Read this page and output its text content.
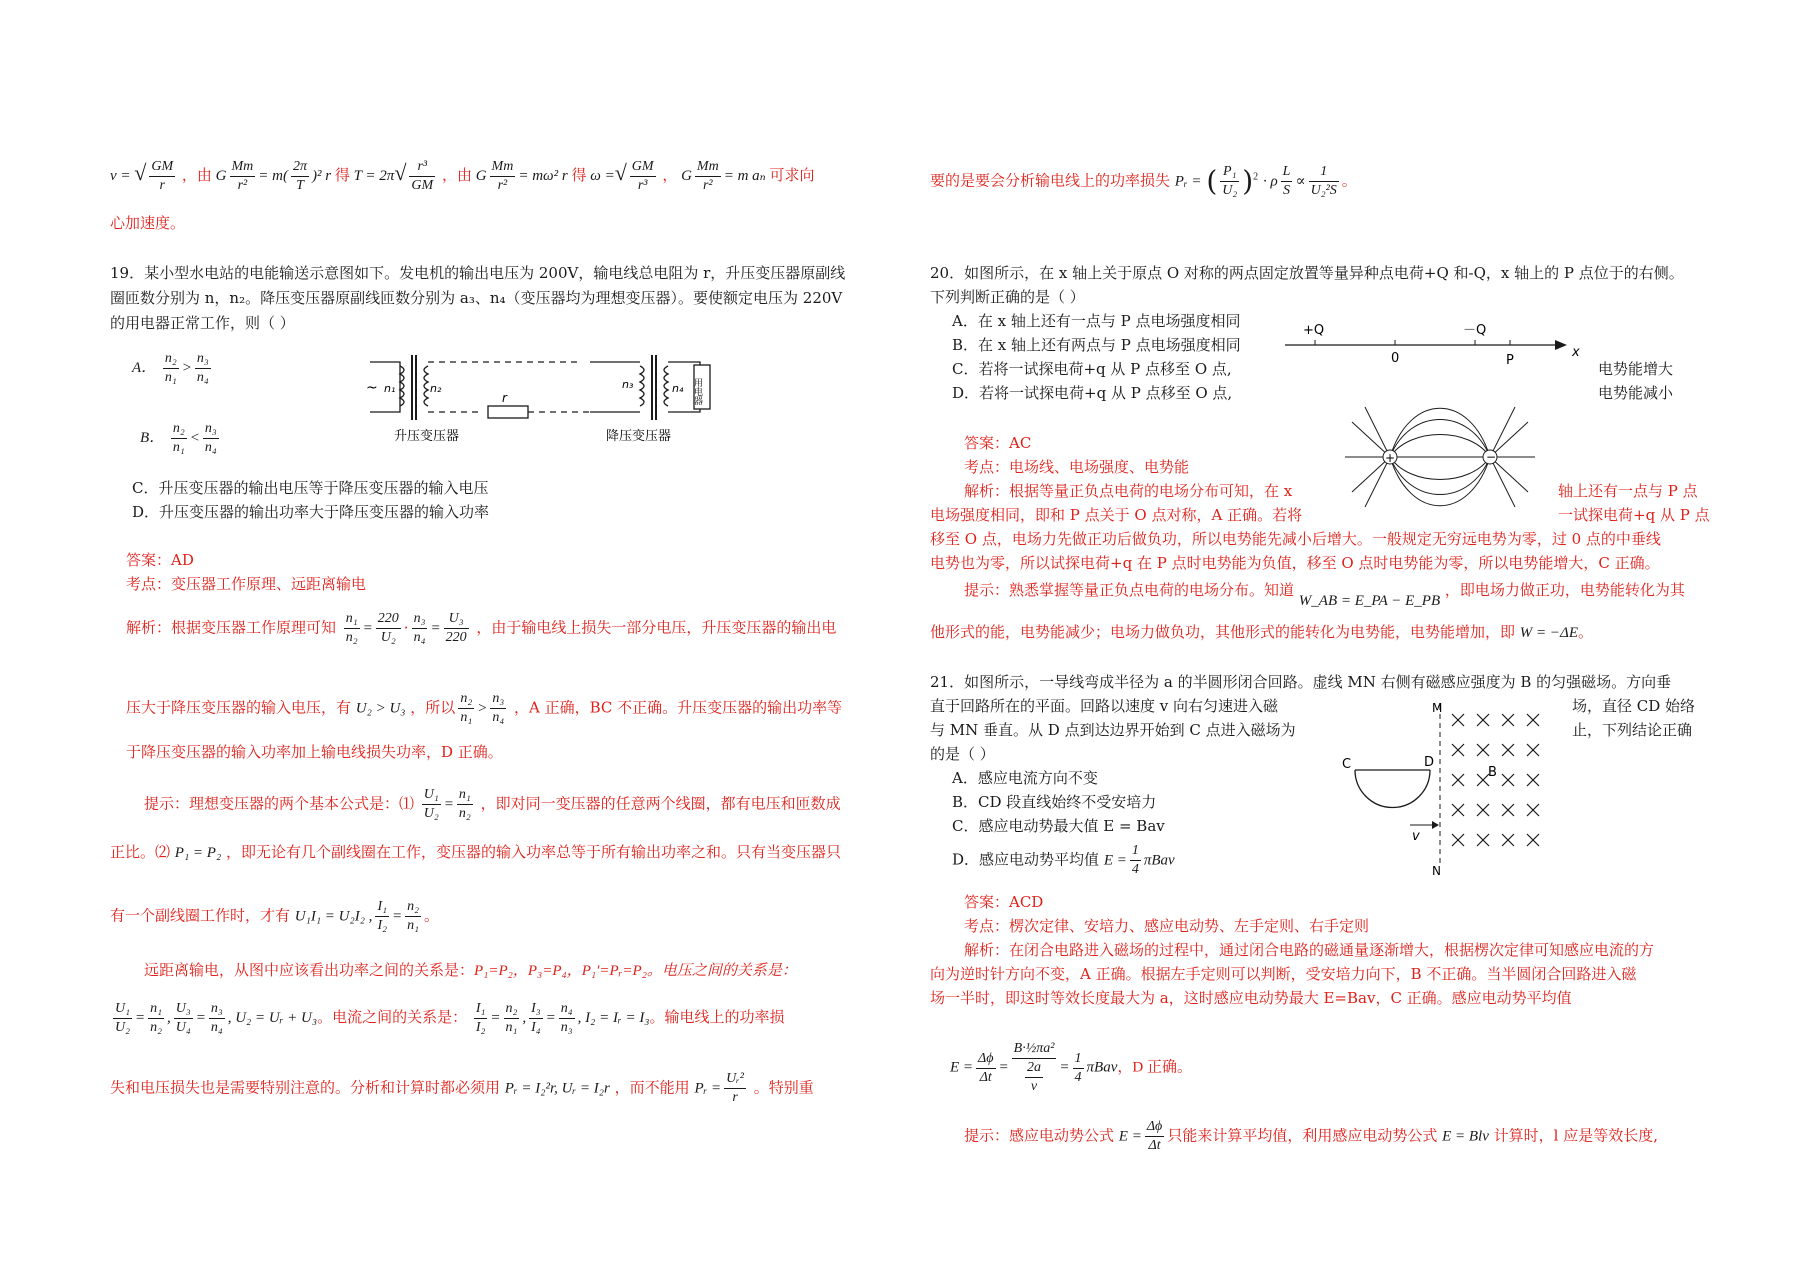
v = √ $\frac{GM}{r}$ ，由 G $\frac{Mm}{\text{r²}} = m( \frac{2\pi}{T} )^2$ r 得 $T = 2\pi√ \frac{\text{r³}}{GM}$ ，由 G $\frac{Mm}{\text{r²}} = m\omega^2$ r 得 ω =√ $\frac{GM}{\text{r³}}$ ， G $\frac{Mm}{\text{r²}} = m$ aₙ 可求向
心加速度。
19．某小型水电站的电能输送示意图如下。发电机的输出电压为 200V，输电线总电阻为 r，升压变压器原副线
圈匝数分别为 n，n₂。降压变压器原副线匝数分别为 a₃、n₄（变压器均为理想变压器）。要使额定电压为 220V
的用电器正常工作，则（ ）
A． $\frac{\text{n₂}}{\text{n₁}} > \frac{\text{n₃}}{\text{n₄}}$
B． $\frac{\text{n₂}}{\text{n₁}} < \frac{\text{n₃}}{\text{n₄}}$
C．升压变压器的输出电压等于降压变压器的输入电压
D．升压变压器的输出功率大于降压变压器的输入功率
~ n₁	n₂
r
n₃	n₄ 用电器
升压变压器	降压变压器
答案：AD
考点：变压器工作原理、远距离输电
解析：根据变压器工作原理可知 $\frac{\text{n₁}}{\text{n₂}} = \frac{220}{\text{U₂}} \cdot \frac{\text{n₃}}{\text{n₄}} = \frac{\text{U₃}}{220}$ ，由于输电线上损失一部分电压，升压变压器的输出电
压大于降压变压器的输入电压，有 U₂ > U₃ ，所以 $\frac{\text{n₂}}{\text{n₁}} > \frac{\text{n₃}}{\text{n₄}}$ ，A 正确，BC 不正确。升压变压器的输出功率等
于降压变压器的输入功率加上输电线损失功率，D 正确。
提示：理想变压器的两个基本公式是：⑴ $\frac{\text{U₁}}{\text{U₂}} = \frac{\text{n₁}}{\text{n₂}}$ ，即对同一变压器的任意两个线圈，都有电压和匝数成
正比。⑵ P₁ = P₂ ，即无论有几个副线圈在工作，变压器的输入功率总等于所有输出功率之和。只有当变压器只
有一个副线圈工作时，才有 U₁I₁ = U₂I₂ , $\frac{\text{I₁}}{\text{I₂}} = \frac{\text{n₂}}{\text{n₁}}$ 。
远距离输电，从图中应该看出功率之间的关系是：P₁=P₂，P₃=P₄，P₁′=Pᵣ=P₂。电压之间的关系是：
$\frac{\text{U₁}}{\text{U₂}} = \frac{\text{n₁}}{\text{n₂}}$ , $\frac{\text{U₃}}{\text{U₄}} = \frac{\text{n₃}}{\text{n₄}}$ , U₂ = Uᵣ + U₃。电流之间的关系是： $\frac{\text{I₁}}{\text{I₂}} = \frac{\text{n₂}}{\text{n₁}}$ , $\frac{\text{I₃}}{\text{I₄}} = \frac{\text{n₄}}{\text{n₃}}$ , I₂ = Iᵣ = I₃。输电线上的功率损
失和电压损失也是需要特别注意的。分析和计算时都必须用 Pᵣ = I₂²r, Uᵣ = I₂r ，而不能用 Pᵣ = $\frac{\text{Uᵣ²}}{r}$ 。特别重
要的是要会分析输电线上的功率损失 Pᵣ = ( $\frac{\text{P₁}}{\text{U₂}} )^2 \cdot \rho \frac{L}{S} \propto \frac{1}{\text{U₂²S}}$ 。
20．如图所示，在 x 轴上关于原点 O 对称的两点固定放置等量异种点电荷+Q 和-Q，x 轴上的 P 点位于的右侧。
下列判断正确的是（ ）
A．在 x 轴上还有一点与 P 点电场强度相同
B．在 x 轴上还有两点与 P 点电场强度相同
C．若将一试探电荷+q 从 P 点移至 O 点,	电势能增大
D．若将一试探电荷+q 从 P 点移至 O 点,	电势能减小
+Q	－Q
0	P
x
+	−
答案：AC
考点：电场线、电场强度、电势能
解析：根据等量正负点电荷的电场分布可知，在 x	轴上还有一点与 P 点
电场强度相同，即和 P 点关于 O 点对称，A 正确。若将	一试探电荷+q 从 P 点
移至 O 点，电场力先做正功后做负功，所以电势能先减小后增大。一般规定无穷远电势为零，过 0 点的中垂线
电势也为零，所以试探电荷+q 在 P 点时电势能为负值，移至 O 点时电势能为零，所以电势能增大，C 正确。
提示：熟悉掌握等量正负点电荷的电场分布。知道 W_AB = E_PA − E_PB ，即电场力做正功，电势能转化为其
他形式的能，电势能减少；电场力做负功，其他形式的能转化为电势能，电势能增加，即 W = −ΔE。
21．如图所示，一导线弯成半径为 a 的半圆形闭合回路。虚线 MN 右侧有磁感应强度为 B 的匀强磁场。方向垂
直于回路所在的平面。回路以速度 v 向右匀速进入磁	场，直径 CD 始络
与 MN 垂直。从 D 点到达边界开始到 C 点进入磁场为	止，下列结论正确
的是（ ）
A．感应电流方向不变
B．CD 段直线始终不受安培力
C．感应电动势最大值 E = Bav
D．感应电动势平均值 $E = \frac{1}{4}$ πBav
M
N
C	D
v
B
答案：ACD
考点：楞次定律、安培力、感应电动势、左手定则、右手定则
解析：在闭合电路进入磁场的过程中，通过闭合电路的磁通量逐渐增大，根据楞次定律可知感应电流的方
向为逆时针方向不变，A 正确。根据左手定则可以判断，受安培力向下，B 不正确。当半圆闭合回路进入磁
场一半时，即这时等效长度最大为 a，这时感应电动势最大 E=Bav，C 正确。感应电动势平均值
$E = \frac{\Delta\phi}{\Delta t} = \frac{\text{B·½πa²}}{\frac{2a}{v}} = \frac{1}{4}$ πBav，D 正确。
提示：感应电动势公式 $E = \frac{\Delta\phi}{\Delta t}$ 只能来计算平均值，利用感应电动势公式 E = Blv 计算时，l 应是等效长度,
